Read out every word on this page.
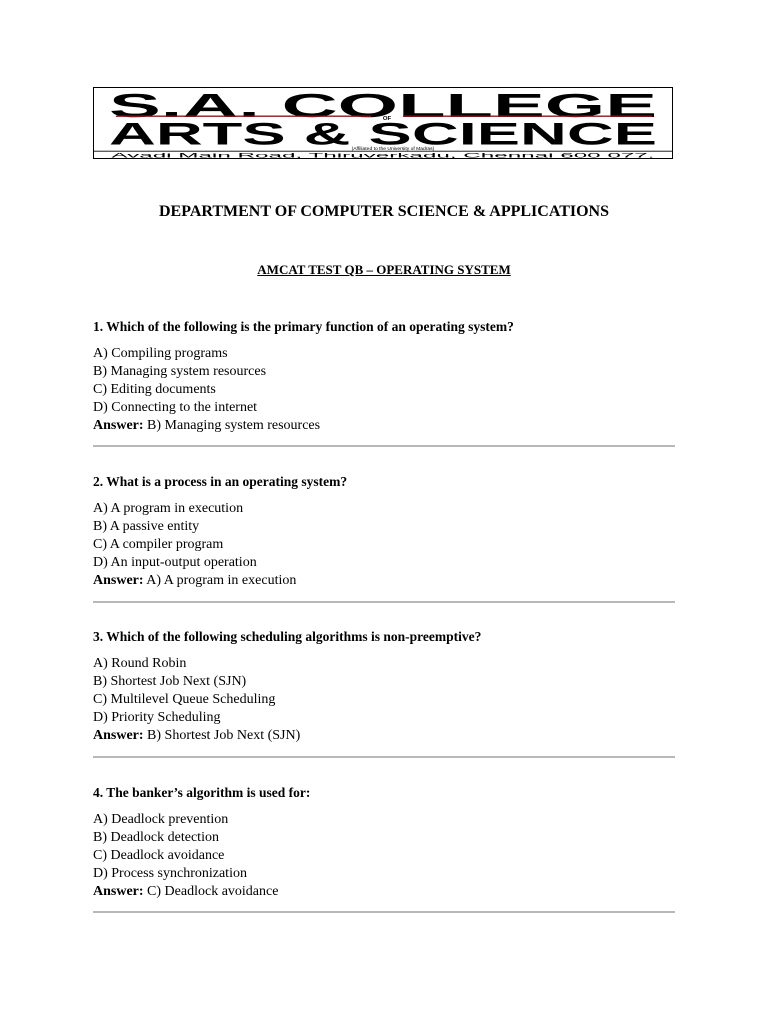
S.A. COLLEGE
OF
ARTS & SCIENCE
(Affiliated to the University of Madras)
Avadi Main Road, Thiruverkadu, Chennai 600 077.
DEPARTMENT OF COMPUTER SCIENCE & APPLICATIONS
AMCAT TEST QB – OPERATING SYSTEM
1. Which of the following is the primary function of an operating system?
A) Compiling programs
B) Managing system resources
C) Editing documents
D) Connecting to the internet
Answer: B) Managing system resources
2. What is a process in an operating system?
A) A program in execution
B) A passive entity
C) A compiler program
D) An input-output operation
Answer: A) A program in execution
3. Which of the following scheduling algorithms is non-preemptive?
A) Round Robin
B) Shortest Job Next (SJN)
C) Multilevel Queue Scheduling
D) Priority Scheduling
Answer: B) Shortest Job Next (SJN)
4. The banker’s algorithm is used for:
A) Deadlock prevention
B) Deadlock detection
C) Deadlock avoidance
D) Process synchronization
Answer: C) Deadlock avoidance
